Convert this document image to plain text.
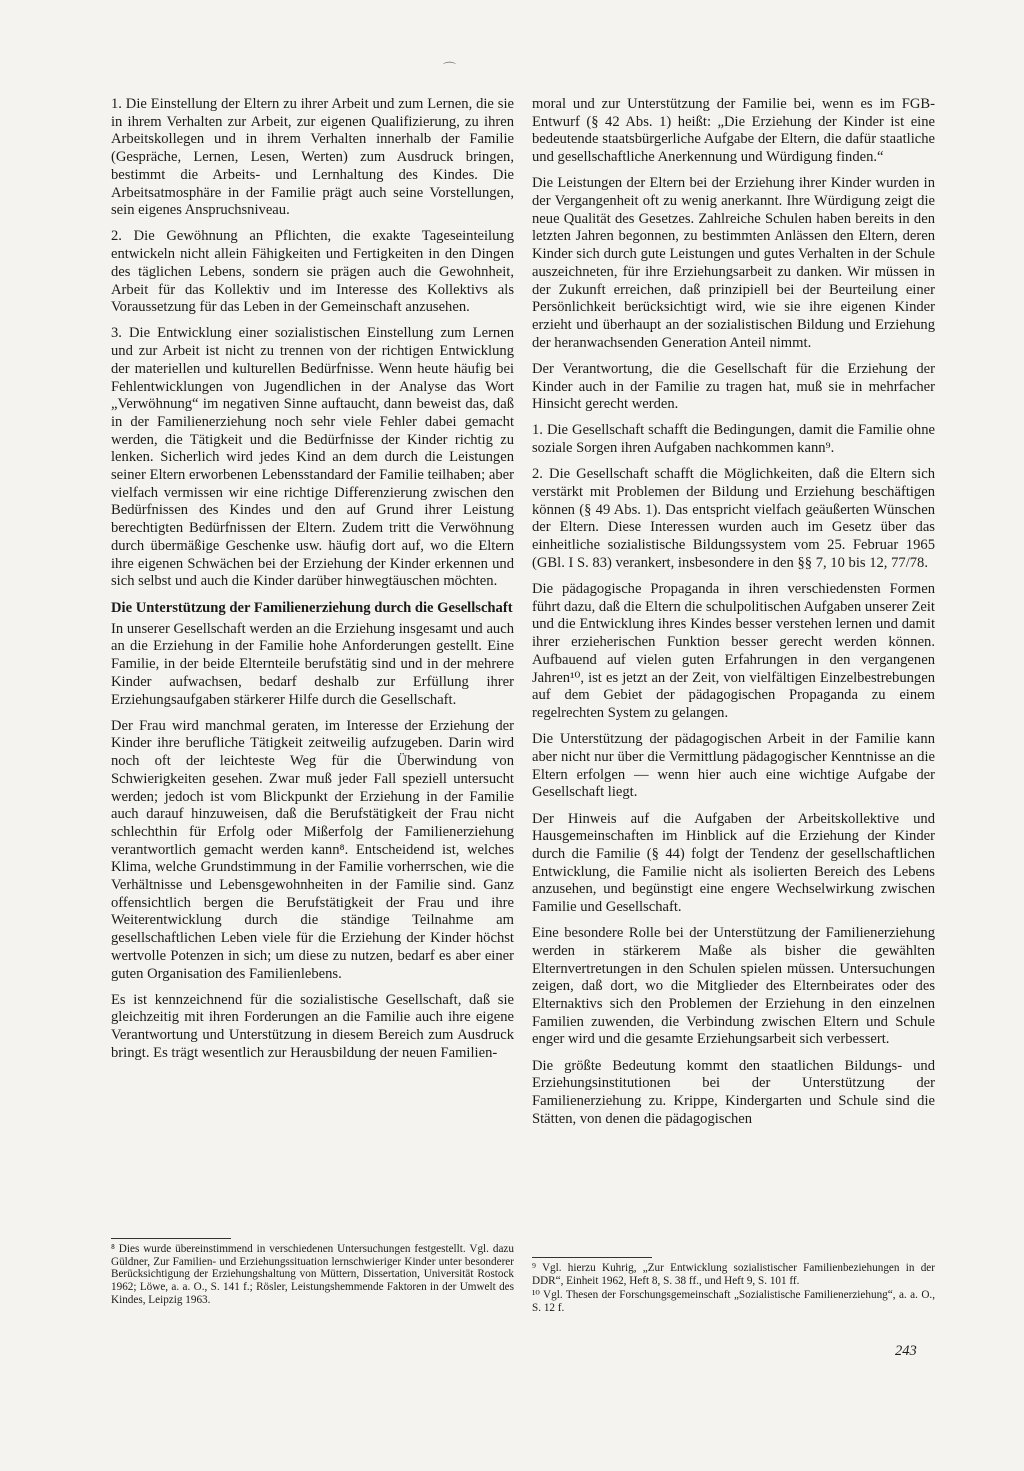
⌒

1. Die Einstellung der Eltern zu ihrer Arbeit und zum Lernen, die sie in ihrem Verhalten zur Arbeit, zur eigenen Qualifizierung, zu ihren Arbeitskollegen und in ihrem Verhalten innerhalb der Familie (Gespräche, Lernen, Lesen, Werten) zum Ausdruck bringen, bestimmt die Arbeits- und Lernhaltung des Kindes. Die Arbeitsatmosphäre in der Familie prägt auch seine Vorstellungen, sein eigenes Anspruchsniveau.

2. Die Gewöhnung an Pflichten, die exakte Tageseinteilung entwickeln nicht allein Fähigkeiten und Fertigkeiten in den Dingen des täglichen Lebens, sondern sie prägen auch die Gewohnheit, Arbeit für das Kollektiv und im Interesse des Kollektivs als Voraussetzung für das Leben in der Gemeinschaft anzusehen.

3. Die Entwicklung einer sozialistischen Einstellung zum Lernen und zur Arbeit ist nicht zu trennen von der richtigen Entwicklung der materiellen und kulturellen Bedürfnisse. Wenn heute häufig bei Fehlentwicklungen von Jugendlichen in der Analyse das Wort „Verwöhnung“ im negativen Sinne auftaucht, dann beweist das, daß in der Familienerziehung noch sehr viele Fehler dabei gemacht werden, die Tätigkeit und die Bedürfnisse der Kinder richtig zu lenken. Sicherlich wird jedes Kind an dem durch die Leistungen seiner Eltern erworbenen Lebensstandard der Familie teilhaben; aber vielfach vermissen wir eine richtige Differenzierung zwischen den Bedürfnissen des Kindes und den auf Grund ihrer Leistung berechtigten Bedürfnissen der Eltern. Zudem tritt die Verwöhnung durch übermäßige Geschenke usw. häufig dort auf, wo die Eltern ihre eigenen Schwächen bei der Erziehung der Kinder erkennen und sich selbst und auch die Kinder darüber hinwegtäuschen möchten.

Die Unterstützung der Familienerziehung durch die Gesellschaft

In unserer Gesellschaft werden an die Erziehung insgesamt und auch an die Erziehung in der Familie hohe Anforderungen gestellt. Eine Familie, in der beide Elternteile berufstätig sind und in der mehrere Kinder aufwachsen, bedarf deshalb zur Erfüllung ihrer Erziehungsaufgaben stärkerer Hilfe durch die Gesellschaft.

Der Frau wird manchmal geraten, im Interesse der Erziehung der Kinder ihre berufliche Tätigkeit zeitweilig aufzugeben. Darin wird noch oft der leichteste Weg für die Überwindung von Schwierigkeiten gesehen. Zwar muß jeder Fall speziell untersucht werden; jedoch ist vom Blickpunkt der Erziehung in der Familie auch darauf hinzuweisen, daß die Berufstätigkeit der Frau nicht schlechthin für Erfolg oder Mißerfolg der Familienerziehung verantwortlich gemacht werden kann⁸. Entscheidend ist, welches Klima, welche Grundstimmung in der Familie vorherrschen, wie die Verhältnisse und Lebensgewohnheiten in der Familie sind. Ganz offensichtlich bergen die Berufstätigkeit der Frau und ihre Weiterentwicklung durch die ständige Teilnahme am gesellschaftlichen Leben viele für die Erziehung der Kinder höchst wertvolle Potenzen in sich; um diese zu nutzen, bedarf es aber einer guten Organisation des Familienlebens.

Es ist kennzeichnend für die sozialistische Gesellschaft, daß sie gleichzeitig mit ihren Forderungen an die Familie auch ihre eigene Verantwortung und Unterstützung in diesem Bereich zum Ausdruck bringt. Es trägt wesentlich zur Herausbildung der neuen Familien-

moral und zur Unterstützung der Familie bei, wenn es im FGB-Entwurf (§ 42 Abs. 1) heißt: „Die Erziehung der Kinder ist eine bedeutende staatsbürgerliche Aufgabe der Eltern, die dafür staatliche und gesellschaftliche Anerkennung und Würdigung finden.“

Die Leistungen der Eltern bei der Erziehung ihrer Kinder wurden in der Vergangenheit oft zu wenig anerkannt. Ihre Würdigung zeigt die neue Qualität des Gesetzes. Zahlreiche Schulen haben bereits in den letzten Jahren begonnen, zu bestimmten Anlässen den Eltern, deren Kinder sich durch gute Leistungen und gutes Verhalten in der Schule auszeichneten, für ihre Erziehungsarbeit zu danken. Wir müssen in der Zukunft erreichen, daß prinzipiell bei der Beurteilung einer Persönlichkeit berücksichtigt wird, wie sie ihre eigenen Kinder erzieht und überhaupt an der sozialistischen Bildung und Erziehung der heranwachsenden Generation Anteil nimmt.

Der Verantwortung, die die Gesellschaft für die Erziehung der Kinder auch in der Familie zu tragen hat, muß sie in mehrfacher Hinsicht gerecht werden.

1. Die Gesellschaft schafft die Bedingungen, damit die Familie ohne soziale Sorgen ihren Aufgaben nachkommen kann⁹.

2. Die Gesellschaft schafft die Möglichkeiten, daß die Eltern sich verstärkt mit Problemen der Bildung und Erziehung beschäftigen können (§ 49 Abs. 1). Das entspricht vielfach geäußerten Wünschen der Eltern. Diese Interessen wurden auch im Gesetz über das einheitliche sozialistische Bildungssystem vom 25. Februar 1965 (GBl. I S. 83) verankert, insbesondere in den §§ 7, 10 bis 12, 77/78.

Die pädagogische Propaganda in ihren verschiedensten Formen führt dazu, daß die Eltern die schulpolitischen Aufgaben unserer Zeit und die Entwicklung ihres Kindes besser verstehen lernen und damit ihrer erzieherischen Funktion besser gerecht werden können. Aufbauend auf vielen guten Erfahrungen in den vergangenen Jahren¹⁰, ist es jetzt an der Zeit, von vielfältigen Einzelbestrebungen auf dem Gebiet der pädagogischen Propaganda zu einem regelrechten System zu gelangen.

Die Unterstützung der pädagogischen Arbeit in der Familie kann aber nicht nur über die Vermittlung pädagogischer Kenntnisse an die Eltern erfolgen — wenn hier auch eine wichtige Aufgabe der Gesellschaft liegt.

Der Hinweis auf die Aufgaben der Arbeitskollektive und Hausgemeinschaften im Hinblick auf die Erziehung der Kinder durch die Familie (§ 44) folgt der Tendenz der gesellschaftlichen Entwicklung, die Familie nicht als isolierten Bereich des Lebens anzusehen, und begünstigt eine engere Wechselwirkung zwischen Familie und Gesellschaft.

Eine besondere Rolle bei der Unterstützung der Familienerziehung werden in stärkerem Maße als bisher die gewählten Elternvertretungen in den Schulen spielen müssen. Untersuchungen zeigen, daß dort, wo die Mitglieder des Elternbeirates oder des Elternaktivs sich den Problemen der Erziehung in den einzelnen Familien zuwenden, die Verbindung zwischen Eltern und Schule enger wird und die gesamte Erziehungsarbeit sich verbessert.

Die größte Bedeutung kommt den staatlichen Bildungs- und Erziehungsinstitutionen bei der Unterstützung der Familienerziehung zu. Krippe, Kindergarten und Schule sind die Stätten, von denen die pädagogischen

⁸ Dies wurde übereinstimmend in verschiedenen Untersuchungen festgestellt. Vgl. dazu Güldner, Zur Familien- und Erziehungssituation lernschwieriger Kinder unter besonderer Berücksichtigung der Erziehungshaltung von Müttern, Dissertation, Universität Rostock 1962; Löwe, a. a. O., S. 141 f.; Rösler, Leistungshemmende Faktoren in der Umwelt des Kindes, Leipzig 1963.

⁹ Vgl. hierzu Kuhrig, „Zur Entwicklung sozialistischer Familienbeziehungen in der DDR“, Einheit 1962, Heft 8, S. 38 ff., und Heft 9, S. 101 ff.

¹⁰ Vgl. Thesen der Forschungsgemeinschaft „Sozialistische Familienerziehung“, a. a. O., S. 12 f.

243
